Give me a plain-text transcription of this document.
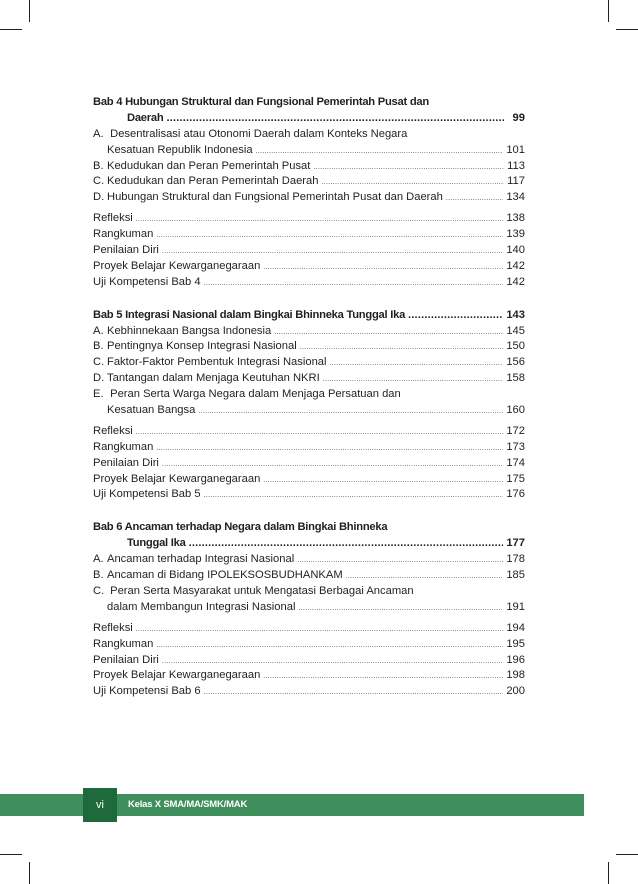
Bab 4 Hubungan Struktural dan Fungsional Pemerintah Pusat dan
Daerah .....	99
A. Desentralisasi atau Otonomi Daerah dalam Konteks Negara
Kesatuan Republik Indonesia .....	101
B. Kedudukan dan Peran Pemerintah Pusat .....	113
C. Kedudukan dan Peran Pemerintah Daerah .....	117
D. Hubungan Struktural dan Fungsional Pemerintah Pusat dan Daerah .....	134
Refleksi .....	138
Rangkuman .....	139
Penilaian Diri .....	140
Proyek Belajar Kewarganegaraan .....	142
Uji Kompetensi Bab 4 .....	142
Bab 5 Integrasi Nasional dalam Bingkai Bhinneka Tunggal Ika .....	143
A. Kebhinnekaan Bangsa Indonesia .....	145
B. Pentingnya Konsep Integrasi Nasional .....	150
C. Faktor-Faktor Pembentuk Integrasi Nasional .....	156
D. Tantangan dalam Menjaga Keutuhan NKRI .....	158
E. Peran Serta Warga Negara dalam Menjaga Persatuan dan
Kesatuan Bangsa .....	160
Refleksi .....	172
Rangkuman .....	173
Penilaian Diri .....	174
Proyek Belajar Kewarganegaraan .....	175
Uji Kompetensi Bab 5 .....	176
Bab 6 Ancaman terhadap Negara dalam Bingkai Bhinneka
Tunggal Ika .....	177
A. Ancaman terhadap Integrasi Nasional .....	178
B. Ancaman di Bidang IPOLEKSOSBUDHANKAM .....	185
C. Peran Serta Masyarakat untuk Mengatasi Berbagai Ancaman
dalam Membangun Integrasi Nasional .....	191
Refleksi .....	194
Rangkuman .....	195
Penilaian Diri .....	196
Proyek Belajar Kewarganegaraan .....	198
Uji Kompetensi Bab 6 .....	200
vi	Kelas X SMA/MA/SMK/MAK
